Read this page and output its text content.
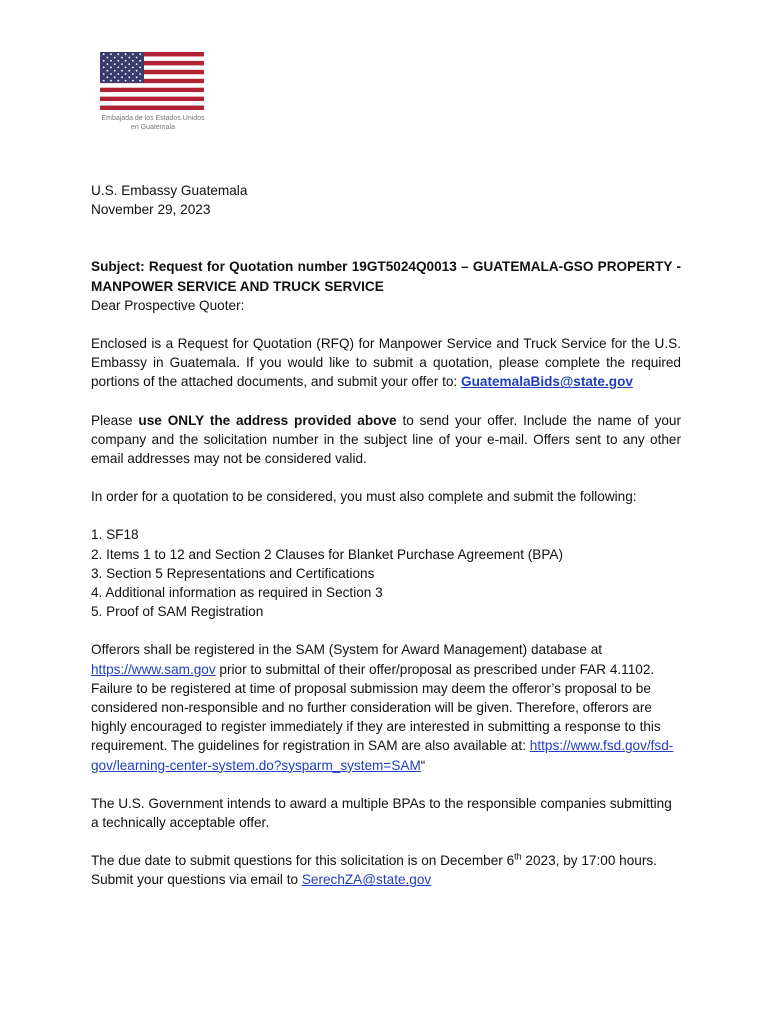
Embajada de los Estados Unidos
en Guatemala

U.S. Embassy Guatemala

November 29, 2023

Subject: Request for Quotation number 19GT5024Q0013 – GUATEMALA-GSO PROPERTY - MANPOWER SERVICE AND TRUCK SERVICE

Dear Prospective Quoter:

Enclosed is a Request for Quotation (RFQ) for Manpower Service and Truck Service for the U.S. Embassy in Guatemala. If you would like to submit a quotation, please complete the required portions of the attached documents, and submit your offer to: GuatemalaBids@state.gov

Please use ONLY the address provided above to send your offer. Include the name of your company and the solicitation number in the subject line of your e-mail. Offers sent to any other email addresses may not be considered valid.

In order for a quotation to be considered, you must also complete and submit the following:

1. SF18
2. Items 1 to 12 and Section 2 Clauses for Blanket Purchase Agreement (BPA)
3. Section 5 Representations and Certifications
4. Additional information as required in Section 3
5. Proof of SAM Registration

Offerors shall be registered in the SAM (System for Award Management) database at https://www.sam.gov prior to submittal of their offer/proposal as prescribed under FAR 4.1102. Failure to be registered at time of proposal submission may deem the offeror’s proposal to be considered non-responsible and no further consideration will be given. Therefore, offerors are highly encouraged to register immediately if they are interested in submitting a response to this requirement. The guidelines for registration in SAM are also available at: https://www.fsd.gov/fsd-gov/learning-center-system.do?sysparm_system=SAM“

The U.S. Government intends to award a multiple BPAs to the responsible companies submitting a technically acceptable offer.

The due date to submit questions for this solicitation is on December 6th 2023, by 17:00 hours. Submit your questions via email to SerechZA@state.gov
